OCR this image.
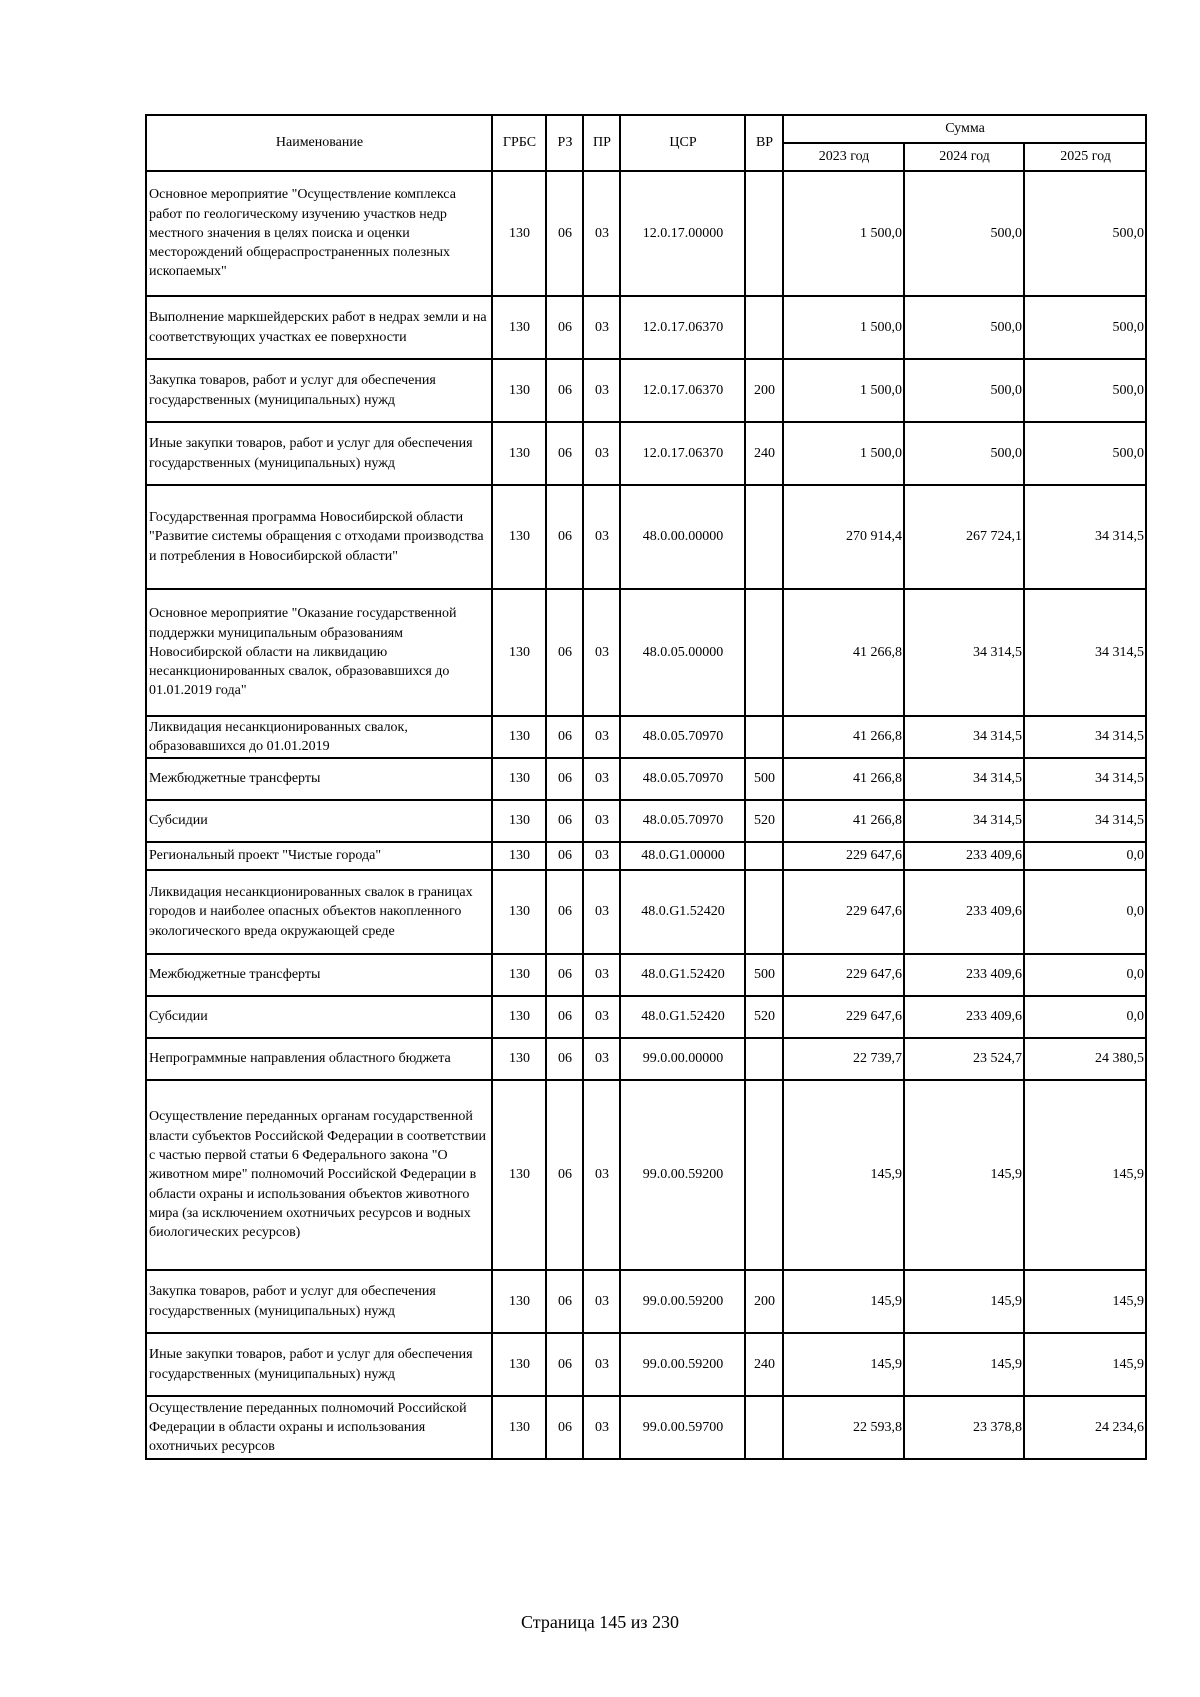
Наименование	ГРБС	РЗ	ПР	ЦСР	ВР	Сумма		
						2023 год	2024 год	2025 год
Основное мероприятие "Осуществление комплекса работ по геологическому изучению участков недр местного значения в целях поиска и оценки месторождений общераспространенных полезных ископаемых"	130	06	03	12.0.17.00000		1 500,0	500,0	500,0
Выполнение маркшейдерских работ в недрах земли и на соответствующих участках ее поверхности	130	06	03	12.0.17.06370		1 500,0	500,0	500,0
Закупка товаров, работ и услуг для обеспечения государственных (муниципальных) нужд	130	06	03	12.0.17.06370	200	1 500,0	500,0	500,0
Иные закупки товаров, работ и услуг для обеспечения государственных (муниципальных) нужд	130	06	03	12.0.17.06370	240	1 500,0	500,0	500,0
Государственная программа Новосибирской области "Развитие системы обращения с отходами производства и потребления в Новосибирской области"	130	06	03	48.0.00.00000		270 914,4	267 724,1	34 314,5
Основное мероприятие "Оказание государственной поддержки муниципальным образованиям Новосибирской области на ликвидацию несанкционированных свалок, образовавшихся до 01.01.2019 года"	130	06	03	48.0.05.00000		41 266,8	34 314,5	34 314,5
Ликвидация несанкционированных свалок, образовавшихся до 01.01.2019	130	06	03	48.0.05.70970		41 266,8	34 314,5	34 314,5
Межбюджетные трансферты	130	06	03	48.0.05.70970	500	41 266,8	34 314,5	34 314,5
Субсидии	130	06	03	48.0.05.70970	520	41 266,8	34 314,5	34 314,5
Региональный проект "Чистые города"	130	06	03	48.0.G1.00000		229 647,6	233 409,6	0,0
Ликвидация несанкционированных свалок в границах городов и наиболее опасных объектов накопленного экологического вреда окружающей среде	130	06	03	48.0.G1.52420		229 647,6	233 409,6	0,0
Межбюджетные трансферты	130	06	03	48.0.G1.52420	500	229 647,6	233 409,6	0,0
Субсидии	130	06	03	48.0.G1.52420	520	229 647,6	233 409,6	0,0
Непрограммные направления областного бюджета	130	06	03	99.0.00.00000		22 739,7	23 524,7	24 380,5
Осуществление переданных органам государственной власти субъектов Российской Федерации в соответствии с частью первой статьи 6 Федерального закона "О животном мире" полномочий Российской Федерации в области охраны и использования объектов животного мира (за исключением охотничьих ресурсов и водных биологических ресурсов)	130	06	03	99.0.00.59200		145,9	145,9	145,9
Закупка товаров, работ и услуг для обеспечения государственных (муниципальных) нужд	130	06	03	99.0.00.59200	200	145,9	145,9	145,9
Иные закупки товаров, работ и услуг для обеспечения государственных (муниципальных) нужд	130	06	03	99.0.00.59200	240	145,9	145,9	145,9
Осуществление переданных полномочий Российской Федерации в области охраны и использования охотничьих ресурсов	130	06	03	99.0.00.59700		22 593,8	23 378,8	24 234,6
Страница 145 из 230
